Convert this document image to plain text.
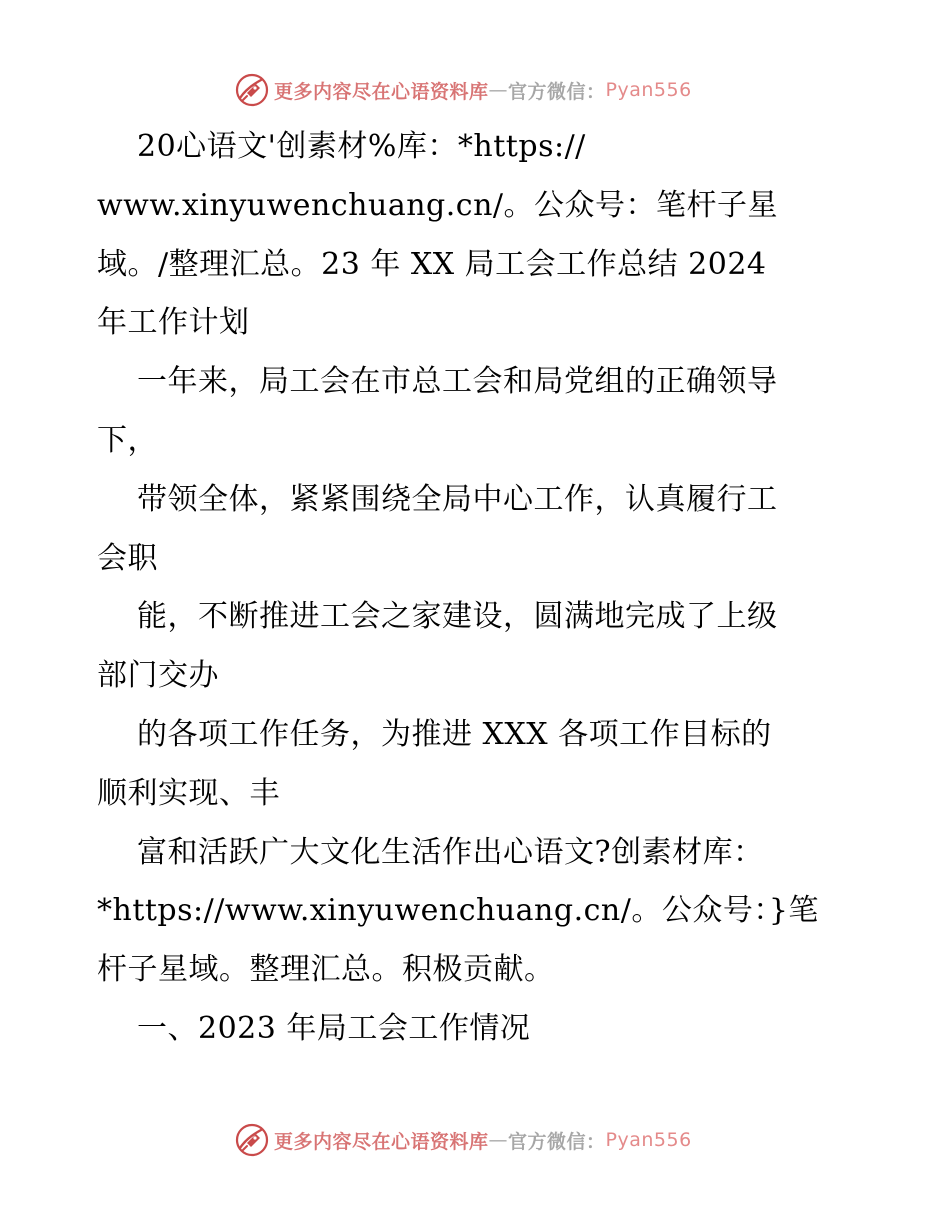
更多内容尽在心语资料库 — 官方微信： Pyan556
20心语文'创素材%库：*https://
www.xinyuwenchuang.cn/。公众号：笔杆子星
域。/整理汇总。23 年 XX 局工会工作总结 2024
年工作计划
一年来，局工会在市总工会和局党组的正确领导
下，
带领全体，紧紧围绕全局中心工作，认真履行工
会职
能，不断推进工会之家建设，圆满地完成了上级
部门交办
的各项工作任务，为推进 XXX 各项工作目标的
顺利实现、丰
富和活跃广大文化生活作出心语文?创素材库：
*https://www.xinyuwenchuang.cn/。公众号：}笔
杆子星域。整理汇总。积极贡献。
一、2023 年局工会工作情况
更多内容尽在心语资料库 — 官方微信： Pyan556
